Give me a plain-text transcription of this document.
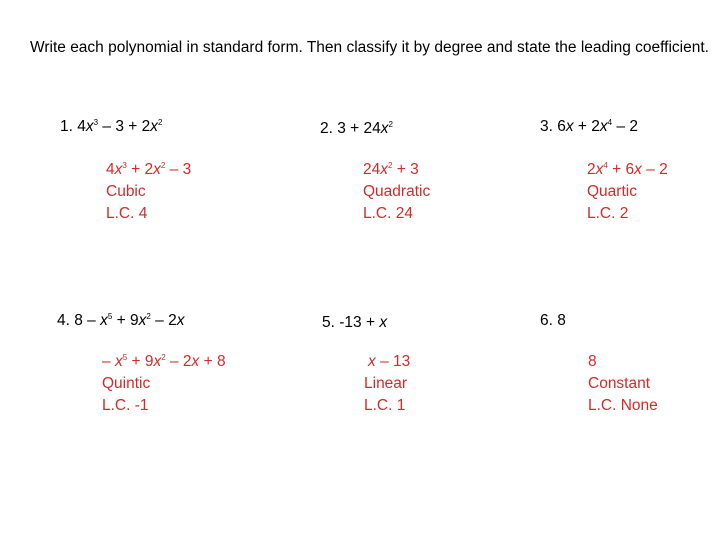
Write each polynomial in standard form. Then classify it by degree and state the leading coefficient.
1. $4x^3 - 3 + 2x^2$
$4x^3 + 2x^2 - 3$
Cubic
L.C. 4
2. $3 + 24x^2$
$24x^2 + 3$
Quadratic
L.C. 24
3. $6x + 2x^4 - 2$
$2x^4 + 6x - 2$
Quartic
L.C. 2
4. $8 - x^5 + 9x^2 - 2x$
– $x^5 + 9x^2 - 2x + 8$
Quintic
L.C. -1
5. -13 + x
x – 13
Linear
L.C. 1
6. 8
8
Constant
L.C. None
